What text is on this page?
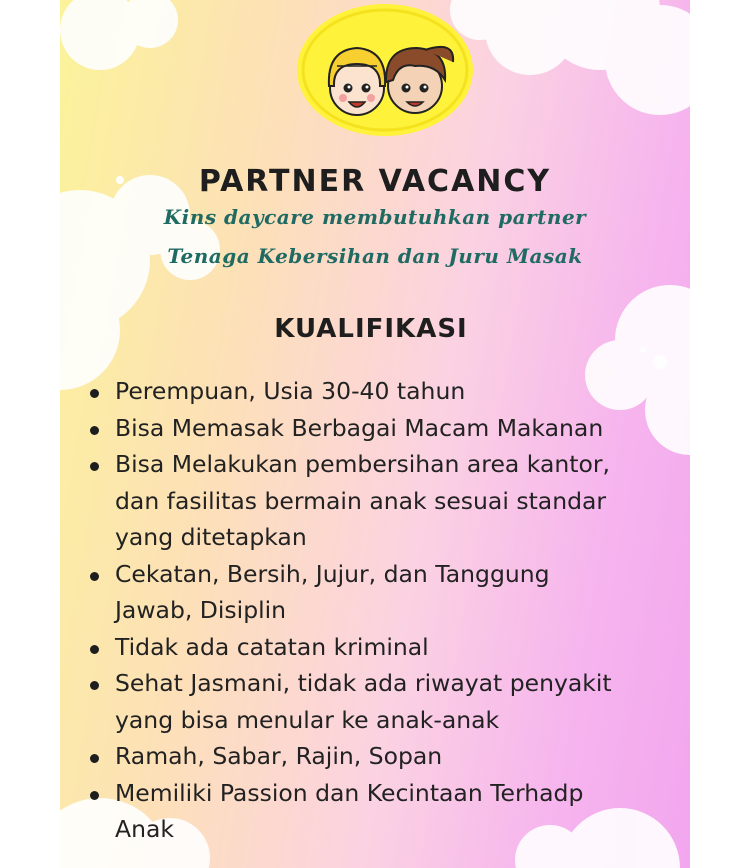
PARTNER VACANCY
Kins daycare membutuhkan partner
Tenaga Kebersihan dan Juru Masak
KUALIFIKASI
Perempuan, Usia 30-40 tahun
Bisa Memasak Berbagai Macam Makanan
Bisa Melakukan pembersihan area kantor,
dan fasilitas bermain anak sesuai standar
yang ditetapkan
Cekatan, Bersih, Jujur, dan Tanggung
Jawab, Disiplin
Tidak ada catatan kriminal
Sehat Jasmani, tidak ada riwayat penyakit
yang bisa menular ke anak-anak
Ramah, Sabar, Rajin, Sopan
Memiliki Passion dan Kecintaan Terhadp
Anak
